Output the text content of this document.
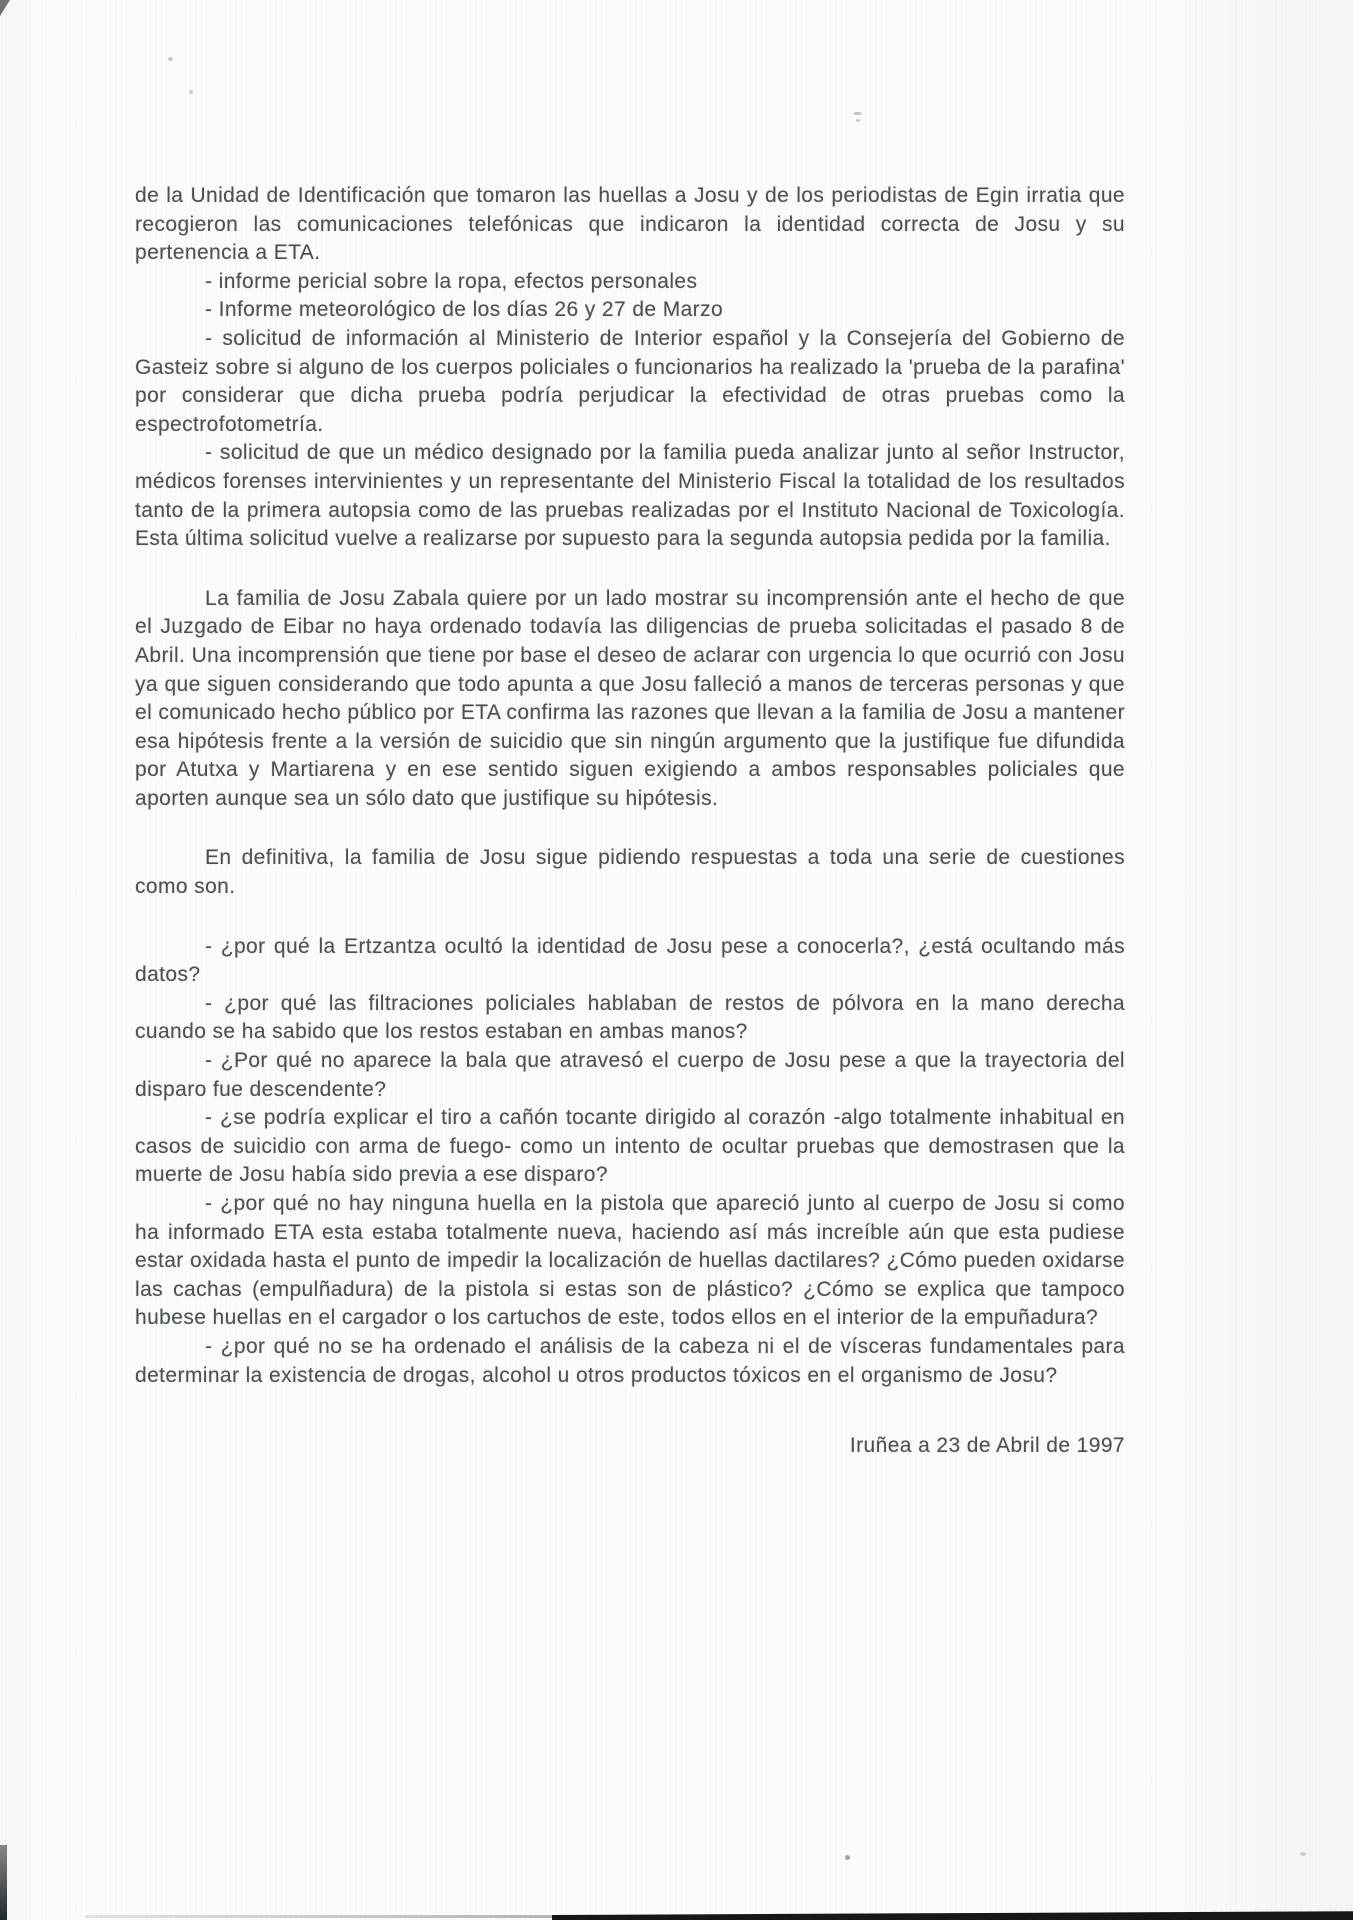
de la Unidad de Identificación que tomaron las huellas a Josu y de los periodistas de Egin irratia que recogieron las comunicaciones telefónicas que indicaron la identidad correcta de Josu y su pertenencia a ETA.

- informe pericial sobre la ropa, efectos personales

- Informe meteorológico de los días 26 y 27 de Marzo

- solicitud de información al Ministerio de Interior español y la Consejería del Gobierno de Gasteiz sobre si alguno de los cuerpos policiales o funcionarios ha realizado la 'prueba de la parafina' por considerar que dicha prueba podría perjudicar la efectividad de otras pruebas como la espectrofotometría.

- solicitud de que un médico designado por la familia pueda analizar junto al señor Instructor, médicos forenses intervinientes y un representante del Ministerio Fiscal la totalidad de los resultados tanto de la primera autopsia como de las pruebas realizadas por el Instituto Nacional de Toxicología. Esta última solicitud vuelve a realizarse por supuesto para la segunda autopsia pedida por la familia.

La familia de Josu Zabala quiere por un lado mostrar su incomprensión ante el hecho de que el Juzgado de Eibar no haya ordenado todavía las diligencias de prueba solicitadas el pasado 8 de Abril. Una incomprensión que tiene por base el deseo de aclarar con urgencia lo que ocurrió con Josu ya que siguen considerando que todo apunta a que Josu falleció a manos de terceras personas y que el comunicado hecho público por ETA confirma las razones que llevan a la familia de Josu a mantener esa hipótesis frente a la versión de suicidio que sin ningún argumento que la justifique fue difundida por Atutxa y Martiarena y en ese sentido siguen exigiendo a ambos responsables policiales que aporten aunque sea un sólo dato que justifique su hipótesis.

En definitiva, la familia de Josu sigue pidiendo respuestas a toda una serie de cuestiones como son.

- ¿por qué la Ertzantza ocultó la identidad de Josu pese a conocerla?, ¿está ocultando más datos?

- ¿por qué las filtraciones policiales hablaban de restos de pólvora en la mano derecha cuando se ha sabido que los restos estaban en ambas manos?

- ¿Por qué no aparece la bala que atravesó el cuerpo de Josu pese a que la trayectoria del disparo fue descendente?

- ¿se podría explicar el tiro a cañón tocante dirigido al corazón -algo totalmente inhabitual en casos de suicidio con arma de fuego- como un intento de ocultar pruebas que demostrasen que la muerte de Josu había sido previa a ese disparo?

- ¿por qué no hay ninguna huella en la pistola que apareció junto al cuerpo de Josu si como ha informado ETA esta estaba totalmente nueva, haciendo así más increíble aún que esta pudiese estar oxidada hasta el punto de impedir la localización de huellas dactilares? ¿Cómo pueden oxidarse las cachas (empulñadura) de la pistola si estas son de plástico? ¿Cómo se explica que tampoco hubese huellas en el cargador o los cartuchos de este, todos ellos en el interior de la empuñadura?

- ¿por qué no se ha ordenado el análisis de la cabeza ni el de vísceras fundamentales para determinar la existencia de drogas, alcohol u otros productos tóxicos en el organismo de Josu?

Iruñea a 23 de Abril de 1997
